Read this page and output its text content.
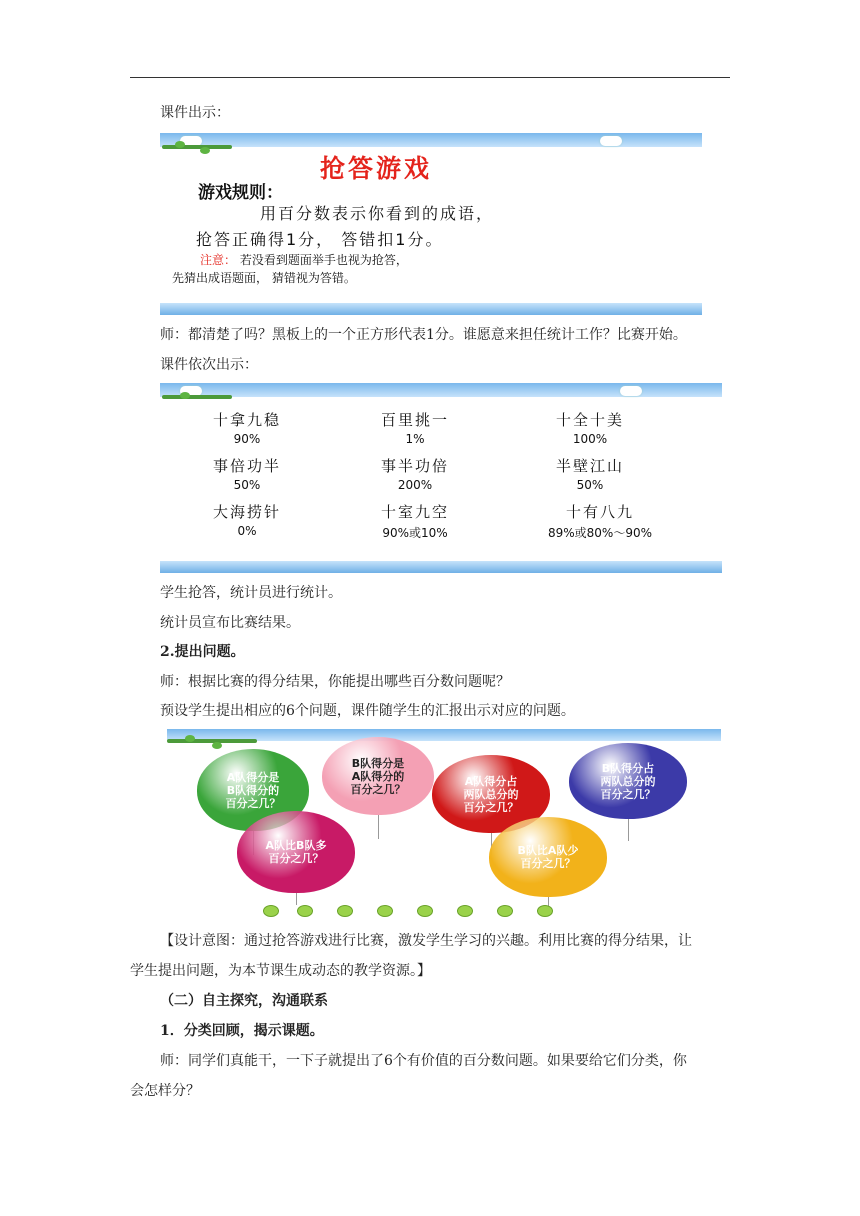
课件出示：
抢答游戏
游戏规则：
用百分数表示你看到的成语，
抢答正确得1分， 答错扣1分。
注意： 若没看到题面举手也视为抢答，
先猜出成语题面， 猜错视为答错。
师：都清楚了吗？黑板上的一个正方形代表1分。谁愿意来担任统计工作？比赛开始。
课件依次出示：
十拿九稳
90%
百里挑一
1%
十全十美
100%
事倍功半
50%
事半功倍
200%
半壁江山
50%
大海捞针
0%
十室九空
90%或10%
十有八九
89%或80%～90%
学生抢答，统计员进行统计。
统计员宣布比赛结果。
2.提出问题。
师：根据比赛的得分结果，你能提出哪些百分数问题呢？
预设学生提出相应的6个问题，课件随学生的汇报出示对应的问题。
A队得分是
B队得分的
百分之几？
B队得分是
A队得分的
百分之几？
A队得分占
两队总分的
百分之几？
B队得分占
两队总分的
百分之几？
A队比B队多
百分之几？
B队比A队少
百分之几？
【设计意图：通过抢答游戏进行比赛，激发学生学习的兴趣。利用比赛的得分结果，让
学生提出问题，为本节课生成动态的教学资源。】
（二）自主探究，沟通联系
1．分类回顾，揭示课题。
师：同学们真能干，一下子就提出了6个有价值的百分数问题。如果要给它们分类，你
会怎样分？
